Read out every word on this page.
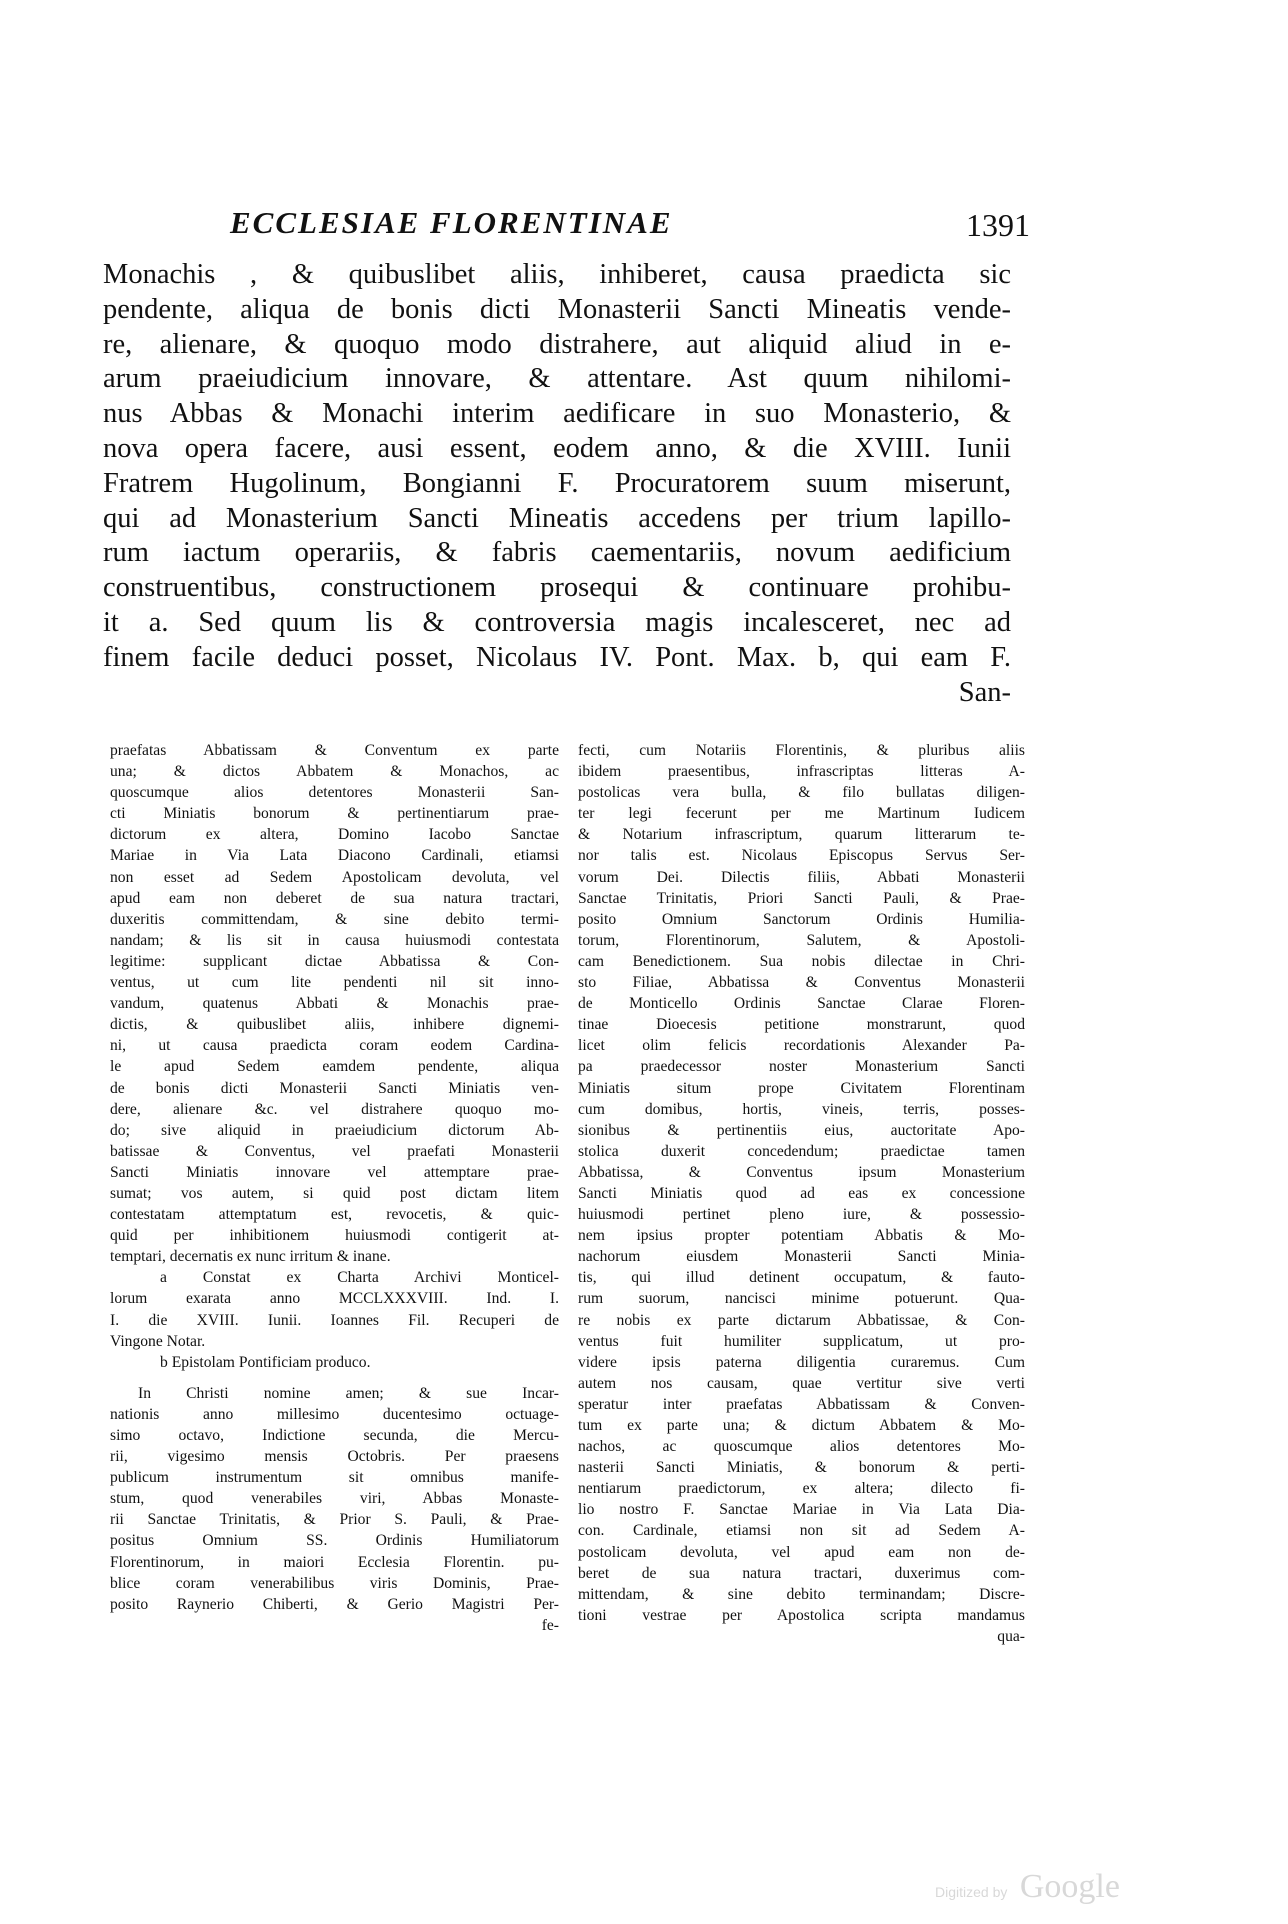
ECCLESIAE FLORENTINAE	1391
Monachis , & quibuslibet aliis, inhiberet, causa praedicta sic
pendente, aliqua de bonis dicti Monasterii Sancti Mineatis vende-
re, alienare, & quoquo modo distrahere, aut aliquid aliud in e-
arum praeiudicium innovare, & attentare. Ast quum nihilomi-
nus Abbas & Monachi interim aedificare in suo Monasterio, &
nova opera facere, ausi essent, eodem anno, & die XVIII. Iunii
Fratrem Hugolinum, Bongianni F. Procuratorem suum miserunt,
qui ad Monasterium Sancti Mineatis accedens per trium lapillo-
rum iactum operariis, & fabris caementariis, novum aedificium
construentibus, constructionem prosequi & continuare prohibu-
it a. Sed quum lis & controversia magis incalesceret, nec ad
finem facile deduci posset, Nicolaus IV. Pont. Max. b, qui eam F.
San-
praefatas Abbatissam & Conventum ex parte
una; & dictos Abbatem & Monachos, ac
quoscumque alios detentores Monasterii San-
cti Miniatis bonorum & pertinentiarum prae-
dictorum ex altera, Domino Iacobo Sanctae
Mariae in Via Lata Diacono Cardinali, etiamsi
non esset ad Sedem Apostolicam devoluta, vel
apud eam non deberet de sua natura tractari,
duxeritis committendam, & sine debito termi-
nandam; & lis sit in causa huiusmodi contestata
legitime: supplicant dictae Abbatissa & Con-
ventus, ut cum lite pendenti nil sit inno-
vandum, quatenus Abbati & Monachis prae-
dictis, & quibuslibet aliis, inhibere dignemi-
ni, ut causa praedicta coram eodem Cardina-
le apud Sedem eamdem pendente, aliqua
de bonis dicti Monasterii Sancti Miniatis ven-
dere, alienare &c. vel distrahere quoquo mo-
do; sive aliquid in praeiudicium dictorum Ab-
batissae & Conventus, vel praefati Monasterii
Sancti Miniatis innovare vel attemptare prae-
sumat; vos autem, si quid post dictam litem
contestatam attemptatum est, revocetis, & quic-
quid per inhibitionem huiusmodi contigerit at-
temptari, decernatis ex nunc irritum & inane.
a Constat ex Charta Archivi Monticel-
lorum exarata anno MCCLXXXVIII. Ind. I.
I. die XVIII. Iunii. Ioannes Fil. Recuperi de
Vingone Notar.
b Epistolam Pontificiam produco.
In Christi nomine amen; & sue Incar-
nationis anno millesimo ducentesimo octuage-
simo octavo, Indictione secunda, die Mercu-
rii, vigesimo mensis Octobris. Per praesens
publicum instrumentum sit omnibus manife-
stum, quod venerabiles viri, Abbas Monaste-
rii Sanctae Trinitatis, & Prior S. Pauli, & Prae-
positus Omnium SS. Ordinis Humiliatorum
Florentinorum, in maiori Ecclesia Florentin. pu-
blice coram venerabilibus viris Dominis, Prae-
posito Raynerio Chiberti, & Gerio Magistri Per-
fe-
fecti, cum Notariis Florentinis, & pluribus aliis
ibidem praesentibus, infrascriptas litteras A-
postolicas vera bulla, & filo bullatas diligen-
ter legi fecerunt per me Martinum Iudicem
& Notarium infrascriptum, quarum litterarum te-
nor talis est. Nicolaus Episcopus Servus Ser-
vorum Dei. Dilectis filiis, Abbati Monasterii
Sanctae Trinitatis, Priori Sancti Pauli, & Prae-
posito Omnium Sanctorum Ordinis Humilia-
torum, Florentinorum, Salutem, & Apostoli-
cam Benedictionem. Sua nobis dilectae in Chri-
sto Filiae, Abbatissa & Conventus Monasterii
de Monticello Ordinis Sanctae Clarae Floren-
tinae Dioecesis petitione monstrarunt, quod
licet olim felicis recordationis Alexander Pa-
pa praedecessor noster Monasterium Sancti
Miniatis situm prope Civitatem Florentinam
cum domibus, hortis, vineis, terris, posses-
sionibus & pertinentiis eius, auctoritate Apo-
stolica duxerit concedendum; praedictae tamen
Abbatissa, & Conventus ipsum Monasterium
Sancti Miniatis quod ad eas ex concessione
huiusmodi pertinet pleno iure, & possessio-
nem ipsius propter potentiam Abbatis & Mo-
nachorum eiusdem Monasterii Sancti Minia-
tis, qui illud detinent occupatum, & fauto-
rum suorum, nancisci minime potuerunt. Qua-
re nobis ex parte dictarum Abbatissae, & Con-
ventus fuit humiliter supplicatum, ut pro-
videre ipsis paterna diligentia curaremus. Cum
autem nos causam, quae vertitur sive verti
speratur inter praefatas Abbatissam & Conven-
tum ex parte una; & dictum Abbatem & Mo-
nachos, ac quoscumque alios detentores Mo-
nasterii Sancti Miniatis, & bonorum & perti-
nentiarum praedictorum, ex altera; dilecto fi-
lio nostro F. Sanctae Mariae in Via Lata Dia-
con. Cardinale, etiamsi non sit ad Sedem A-
postolicam devoluta, vel apud eam non de-
beret de sua natura tractari, duxerimus com-
mittendam, & sine debito terminandam; Discre-
tioni vestrae per Apostolica scripta mandamus
qua-
Digitized by Google
